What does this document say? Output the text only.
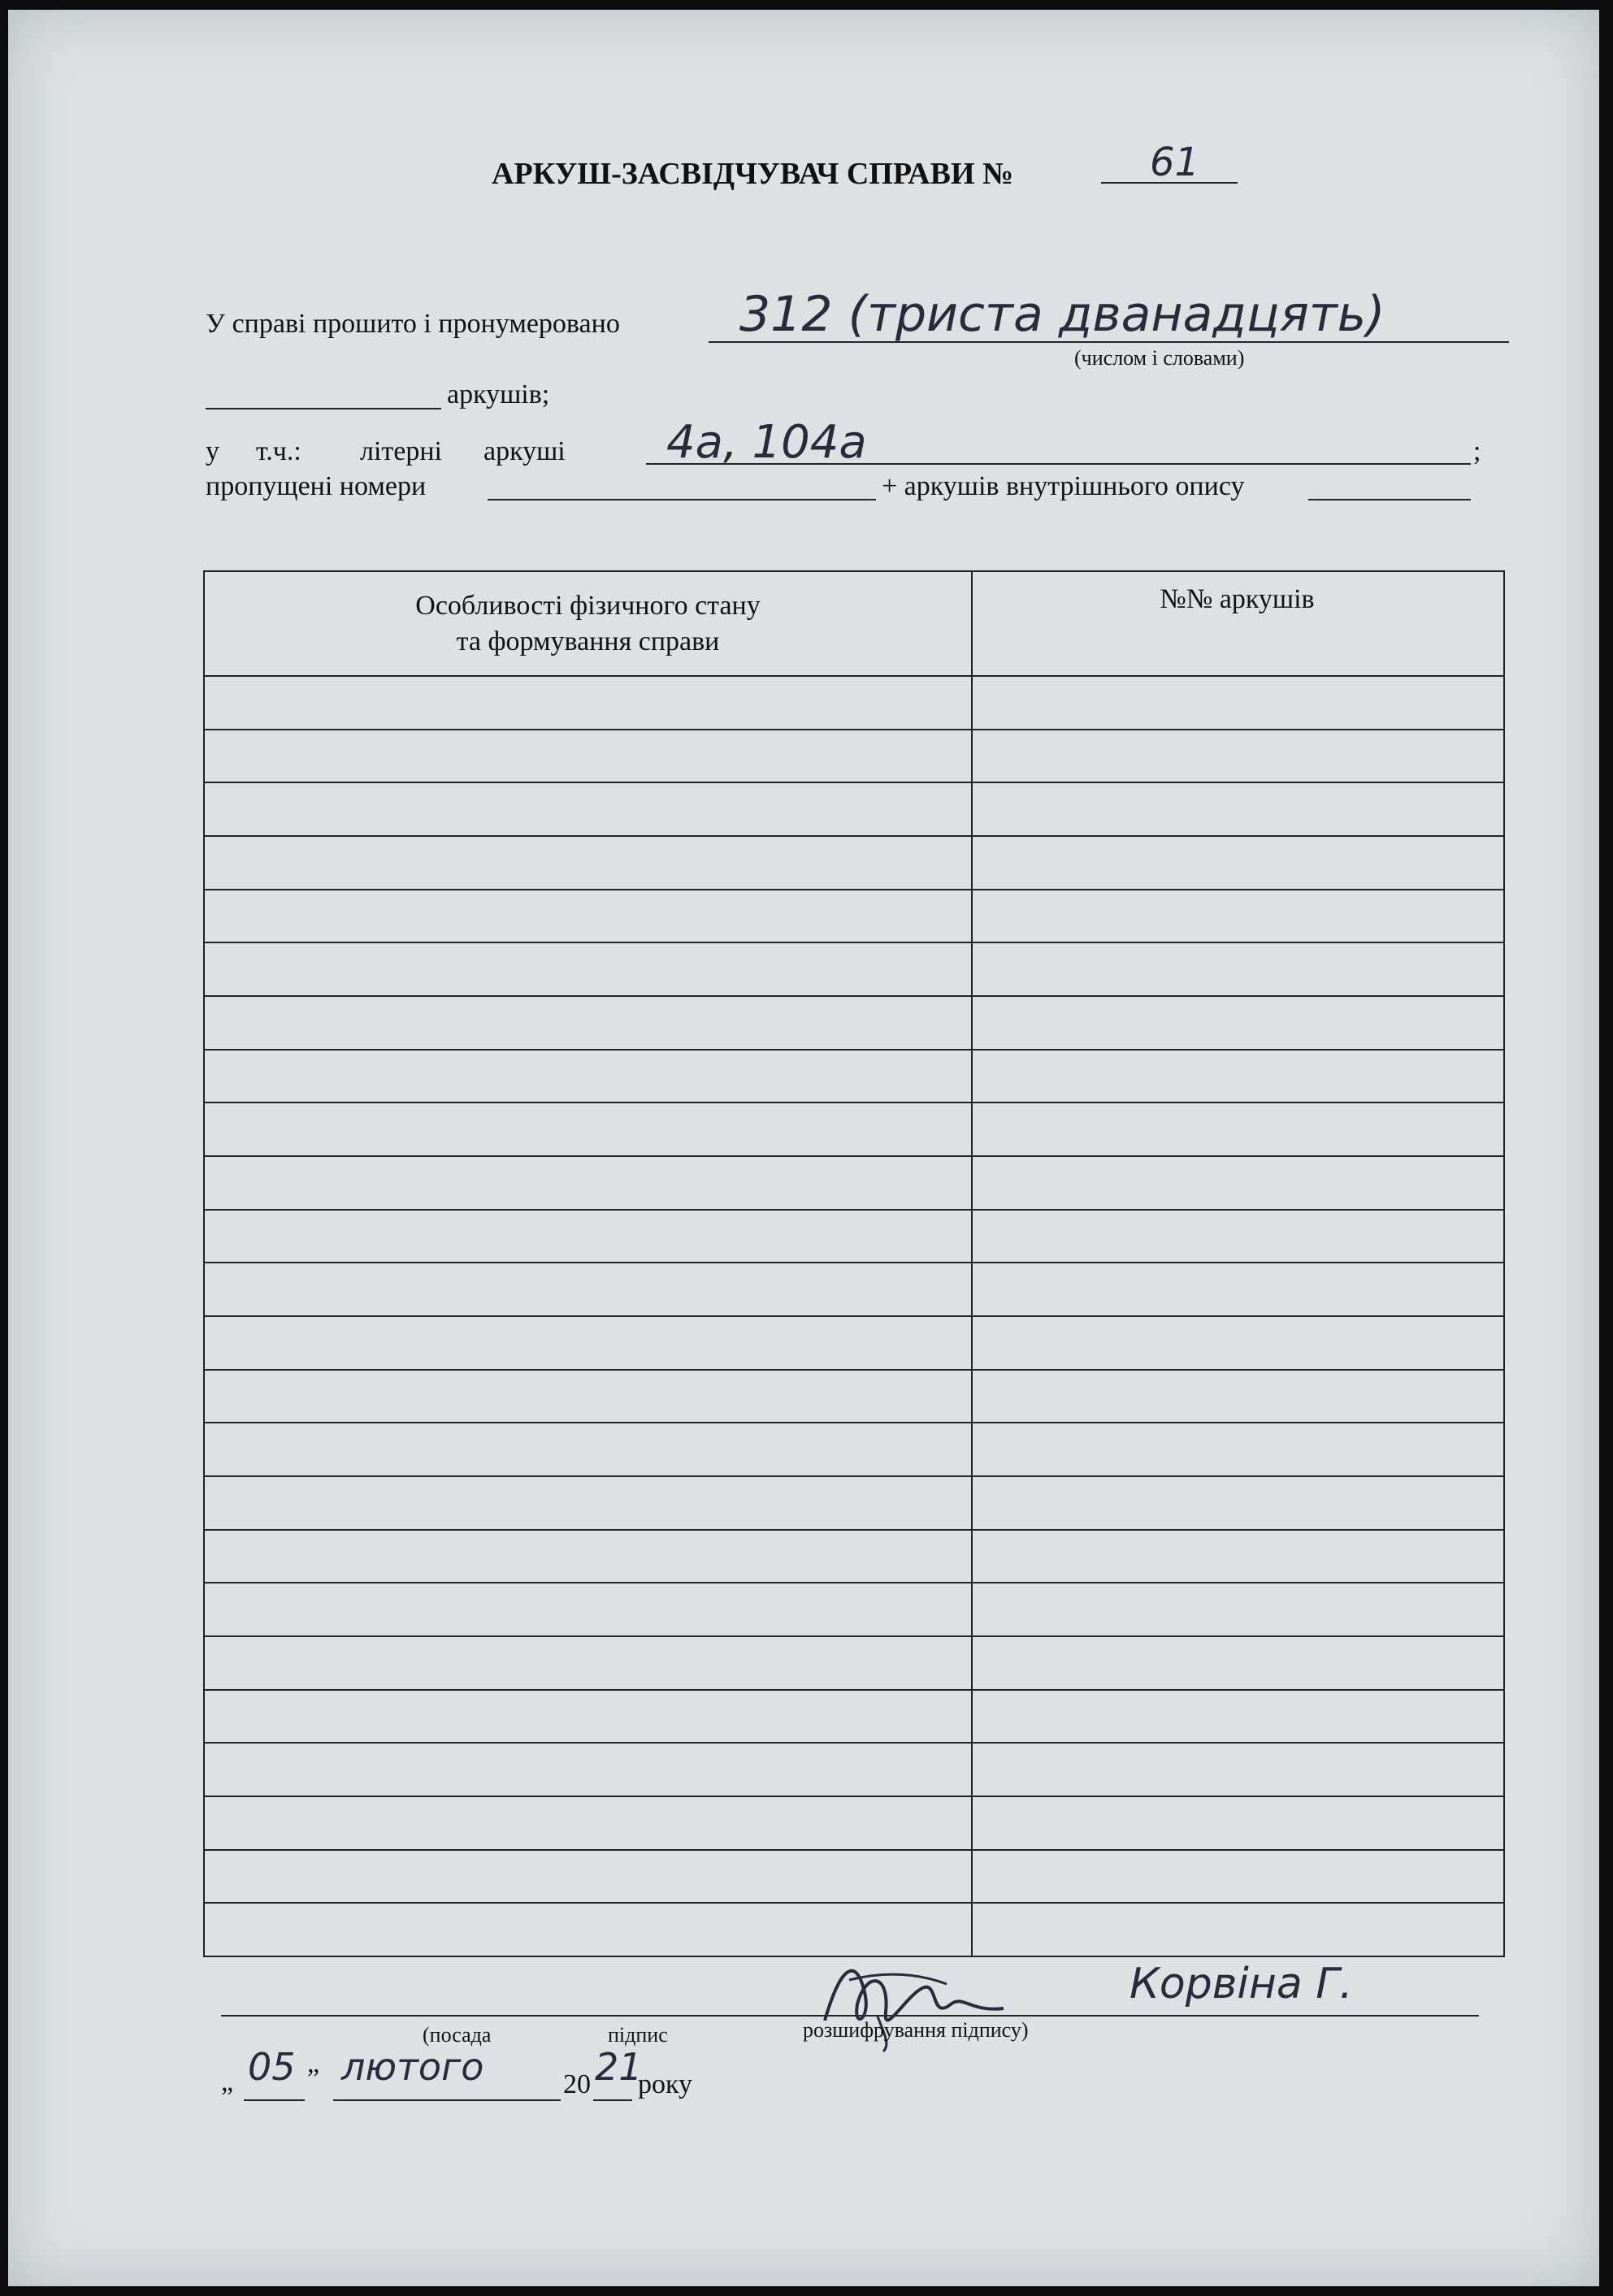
АРКУШ-ЗАСВІДЧУВАЧ СПРАВИ №	61
У справі прошито і пронумеровано 312 (триста дванадцять)
(числом і словами)
аркушів;
у т.ч.: літерні аркуші 4а, 104а	;
пропущені номери	+ аркушів внутрішнього опису
Особливості фізичного стану
та формування справи
№№ аркушів
Корвіна Г.
(посада	підпис	розшифрування підпису)
„ 05 ” лютого	20 21
року
